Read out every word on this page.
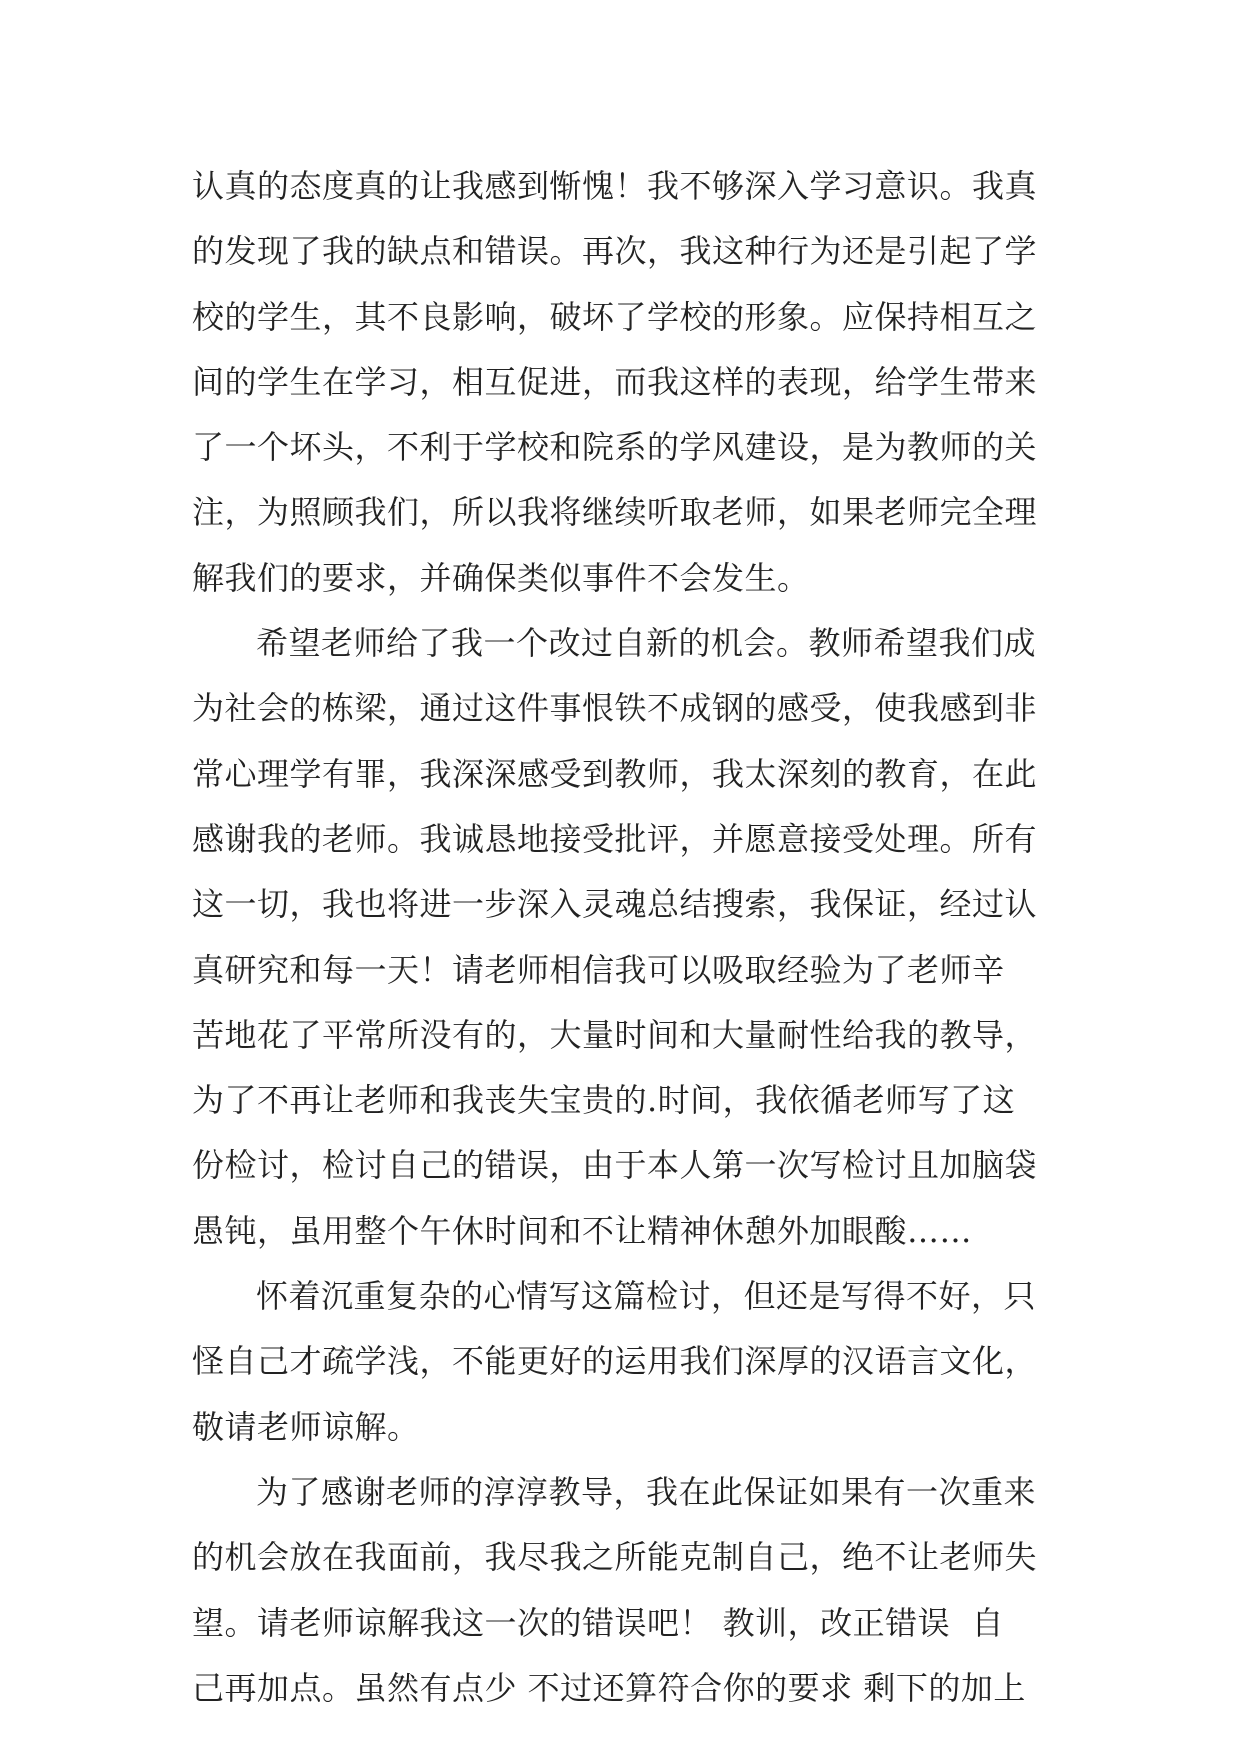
认真的态度真的让我感到惭愧！我不够深入学习意识。我真
的发现了我的缺点和错误。再次，我这种行为还是引起了学
校的学生，其不良影响，破坏了学校的形象。应保持相互之
间的学生在学习，相互促进，而我这样的表现，给学生带来
了一个坏头，不利于学校和院系的学风建设，是为教师的关
注，为照顾我们，所以我将继续听取老师，如果老师完全理
解我们的要求，并确保类似事件不会发生。
希望老师给了我一个改过自新的机会。教师希望我们成
为社会的栋梁，通过这件事恨铁不成钢的感受，使我感到非
常心理学有罪，我深深感受到教师，我太深刻的教育，在此
感谢我的老师。我诚恳地接受批评，并愿意接受处理。所有
这一切，我也将进一步深入灵魂总结搜索，我保证，经过认
真研究和每一天！请老师相信我可以吸取经验为了老师辛
苦地花了平常所没有的，大量时间和大量耐性给我的教导，
为了不再让老师和我丧失宝贵的.时间，我依循老师写了这
份检讨，检讨自己的错误，由于本人第一次写检讨且加脑袋
愚钝，虽用整个午休时间和不让精神休憩外加眼酸……
怀着沉重复杂的心情写这篇检讨，但还是写得不好，只
怪自己才疏学浅，不能更好的运用我们深厚的汉语言文化，
敬请老师谅解。
为了感谢老师的淳淳教导，我在此保证如果有一次重来
的机会放在我面前，我尽我之所能克制自己，绝不让老师失
望。请老师谅解我这一次的错误吧！ 教训，改正错误  自
己再加点。虽然有点少 不过还算符合你的要求 剩下的加上
